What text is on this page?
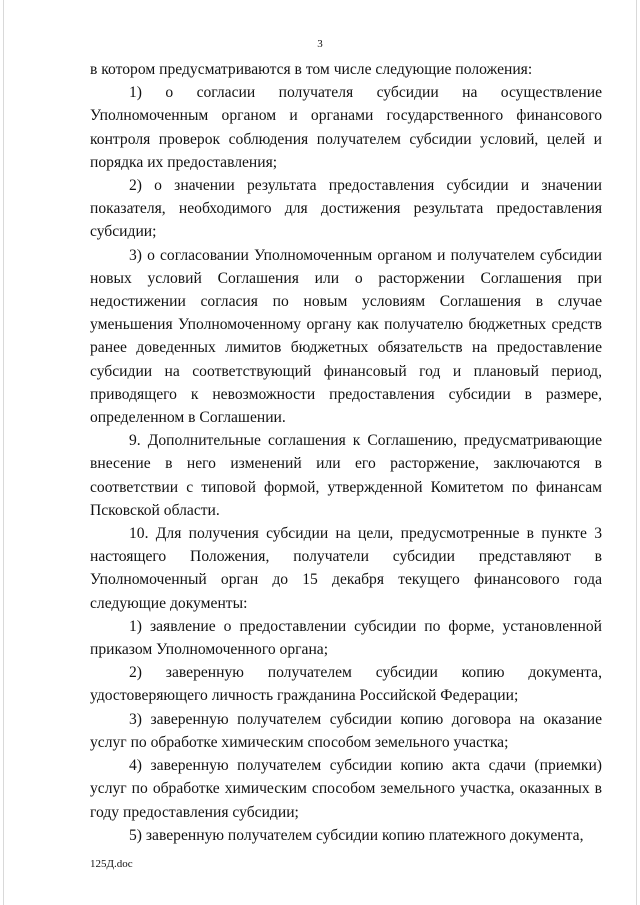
3

в котором предусматриваются в том числе следующие положения:

1) о согласии получателя субсидии на осуществление Уполномоченным органом и органами государственного финансового контроля проверок соблюдения получателем субсидии условий, целей и порядка их предоставления;

2) о значении результата предоставления субсидии и значении показателя, необходимого для достижения результата предоставления субсидии;

3) о согласовании Уполномоченным органом и получателем субсидии новых условий Соглашения или о расторжении Соглашения при недостижении согласия по новым условиям Соглашения в случае уменьшения Уполномоченному органу как получателю бюджетных средств ранее доведенных лимитов бюджетных обязательств на предоставление субсидии на соответствующий финансовый год и плановый период, приводящего к невозможности предоставления субсидии в размере, определенном в Соглашении.

9. Дополнительные соглашения к Соглашению, предусматривающие внесение в него изменений или его расторжение, заключаются в соответствии с типовой формой, утвержденной Комитетом по финансам Псковской области.

10. Для получения субсидии на цели, предусмотренные в пункте 3 настоящего Положения, получатели субсидии представляют в Уполномоченный орган до 15 декабря текущего финансового года следующие документы:

1) заявление о предоставлении субсидии по форме, установленной приказом Уполномоченного органа;

2) заверенную получателем субсидии копию документа, удостоверяющего личность гражданина Российской Федерации;

3) заверенную получателем субсидии копию договора на оказание услуг по обработке химическим способом земельного участка;

4) заверенную получателем субсидии копию акта сдачи (приемки) услуг по обработке химическим способом земельного участка, оказанных в году предоставления субсидии;

5) заверенную получателем субсидии копию платежного документа,

125Д.doc
